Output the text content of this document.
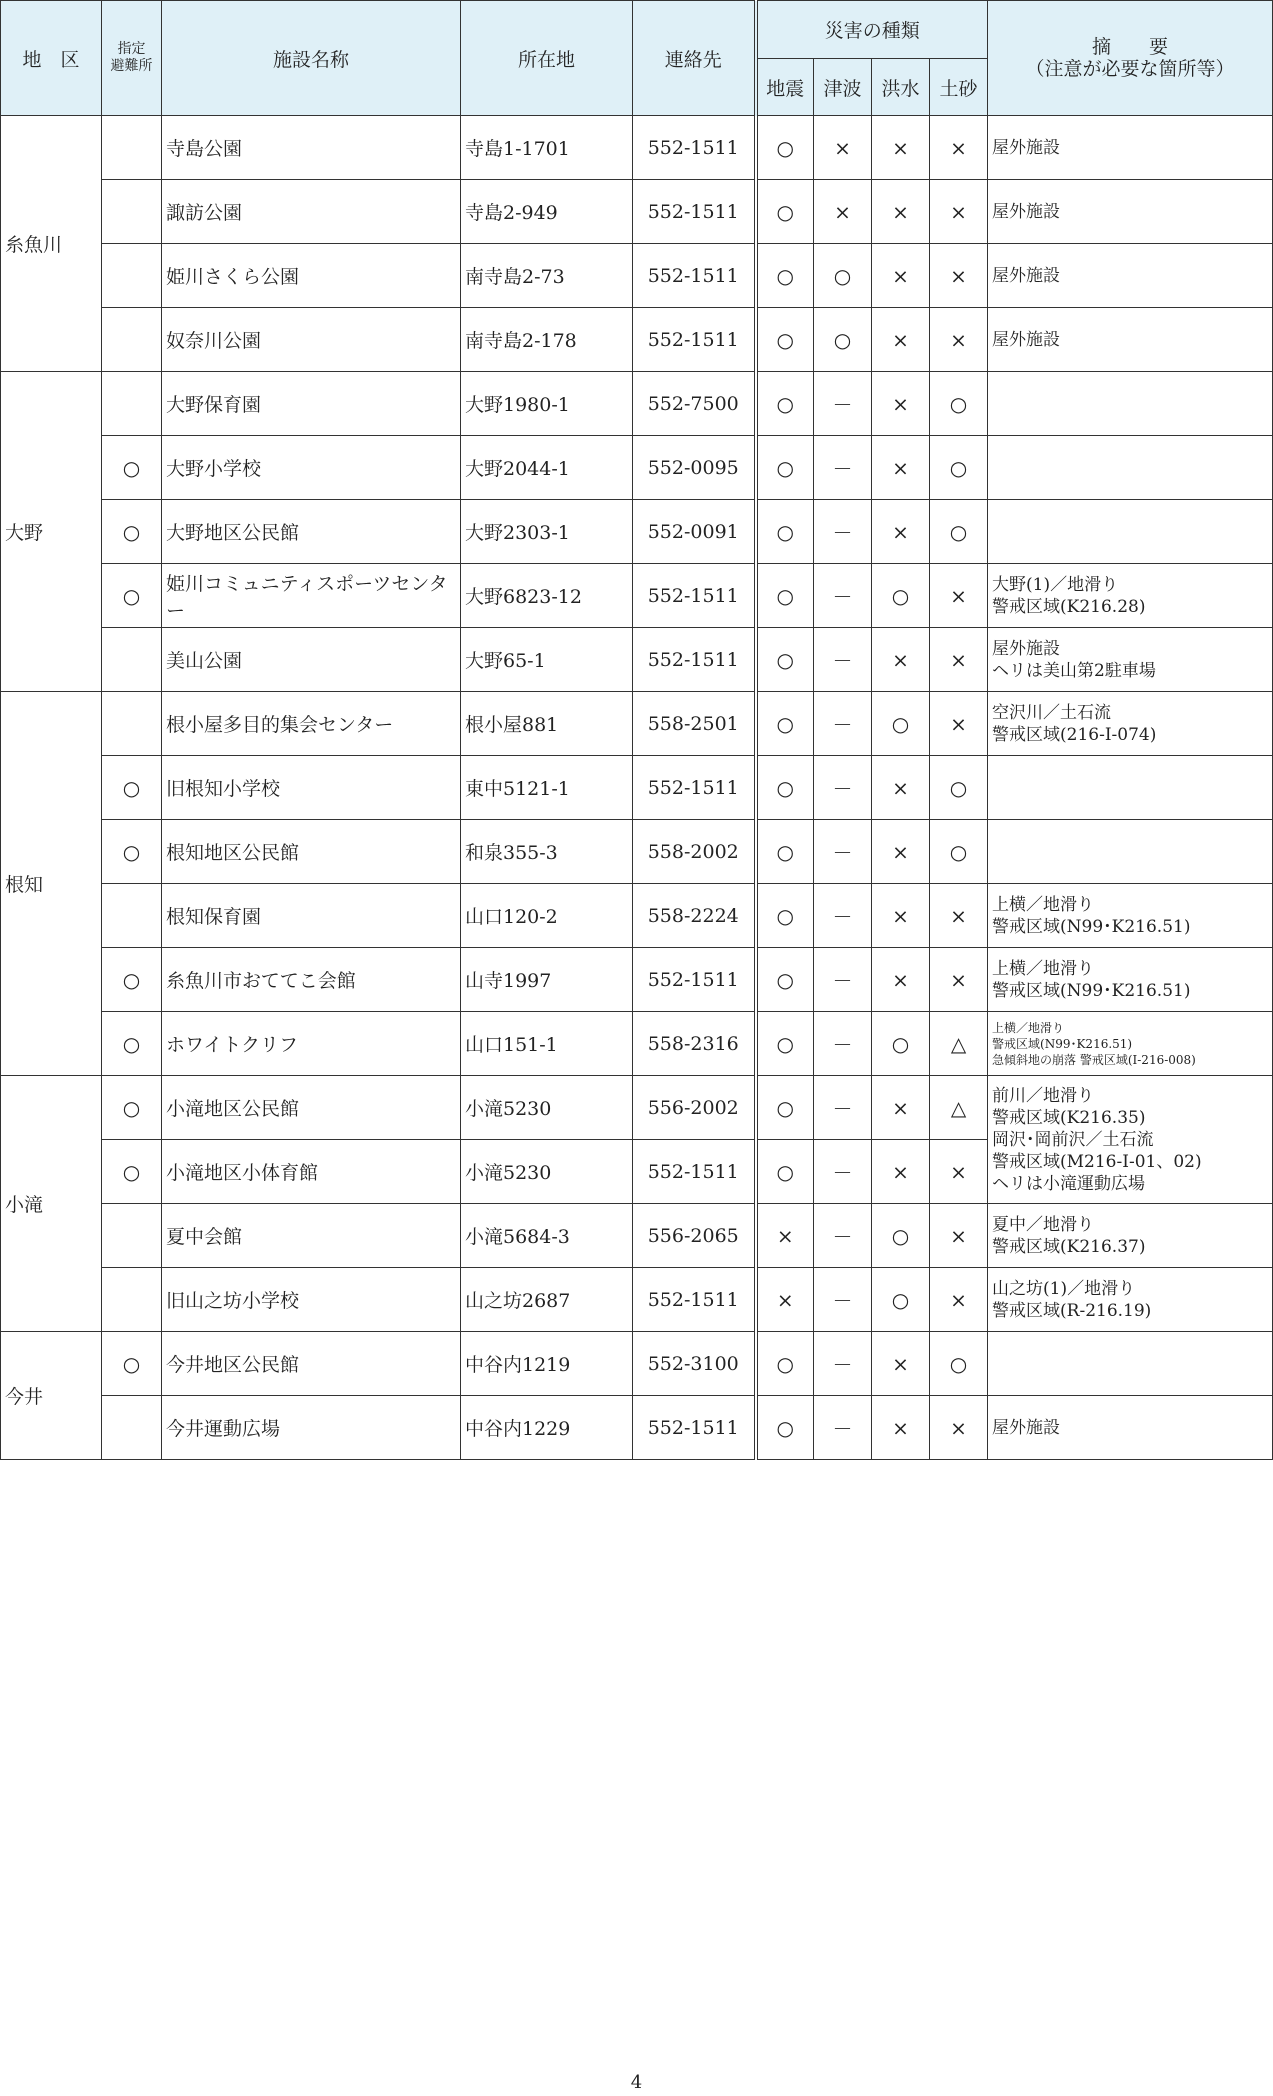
地　区	指定
避難所	施設名称	所在地	連絡先	災害の種類				摘　　要
（注意が必要な箇所等）

					地震	津波	洪水	土砂	
糸魚川		寺島公園	寺島1-1701	552-1511	○	×	×	×	屋外施設

		諏訪公園	寺島2-949	552-1511	○	×	×	×	屋外施設

		姫川さくら公園	南寺島2-73	552-1511	○	○	×	×	屋外施設

		奴奈川公園	南寺島2-178	552-1511	○	○	×	×	屋外施設

大野		大野保育園	大野1980-1	552-7500	○	－	×	○	
	○	大野小学校	大野2044-1	552-0095	○	－	×	○	
	○	大野地区公民館	大野2303-1	552-0091	○	－	×	○	
	○	姫川コミュニティスポーツセンター	大野6823-12	552-1511	○	－	○	×	大野(1)／地滑り
警戒区域(K216.28)

		美山公園	大野65-1	552-1511	○	－	×	×	屋外施設
ヘリは美山第2駐車場

根知		根小屋多目的集会センター	根小屋881	558-2501	○	－	○	×	空沢川／土石流
警戒区域(216-I-074)

	○	旧根知小学校	東中5121-1	552-1511	○	－	×	○	
	○	根知地区公民館	和泉355-3	558-2002	○	－	×	○	
		根知保育園	山口120-2	558-2224	○	－	×	×	上横／地滑り
警戒区域(N99･K216.51)

	○	糸魚川市おててこ会館	山寺1997	552-1511	○	－	×	×	上横／地滑り
警戒区域(N99･K216.51)

	○	ホワイトクリフ	山口151-1	558-2316	○	－	○	△	上横／地滑り
警戒区域(N99･K216.51)
急傾斜地の崩落 警戒区域(I-216-008)

小滝	○	小滝地区公民館	小滝5230	556-2002	○	－	×	△	前川／地滑り
警戒区域(K216.35)
岡沢･岡前沢／土石流
警戒区域(M216-I-01、02)
ヘリは小滝運動広場

	○	小滝地区小体育館	小滝5230	552-1511	○	－	×	×	
		夏中会館	小滝5684-3	556-2065	×	－	○	×	夏中／地滑り
警戒区域(K216.37)

		旧山之坊小学校	山之坊2687	552-1511	×	－	○	×	山之坊(1)／地滑り
警戒区域(R-216.19)

今井	○	今井地区公民館	中谷内1219	552-3100	○	－	×	○	
		今井運動広場	中谷内1229	552-1511	○	－	×	×	屋外施設
4
